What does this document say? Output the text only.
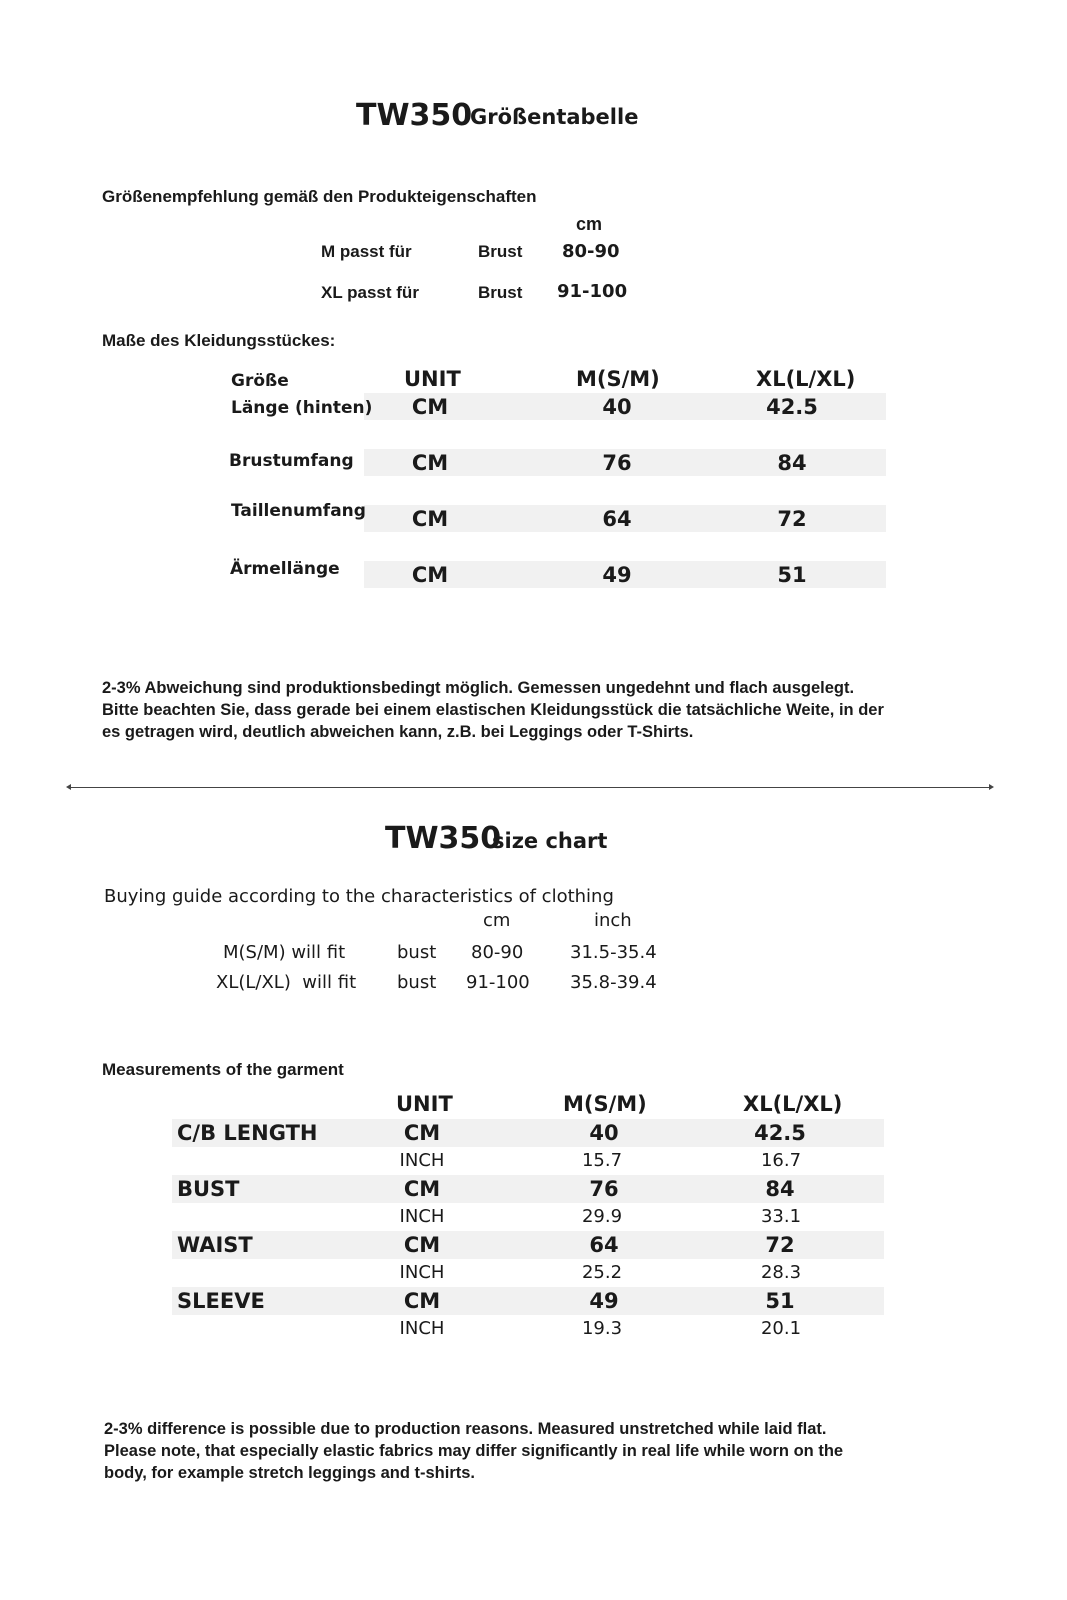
TW350
Größentabelle
Größenempfehlung gemäß den Produkteigenschaften
cm
M passt für	Brust 80-90
XL passt für	Brust 91-100
Maße des Kleidungsstückes:
Größe	UNIT	M(S/M)	XL(L/XL)
Länge (hinten)	CM	40	42.5
Brustumfang	CM	76	84
Taillenumfang	CM	64	72
Ärmellänge	CM	49	51
2-3% Abweichung sind produktionsbedingt möglich. Gemessen ungedehnt und flach ausgelegt.
Bitte beachten Sie, dass gerade bei einem elastischen Kleidungsstück die tatsächliche Weite, in der
es getragen wird, deutlich abweichen kann, z.B. bei Leggings oder T-Shirts.
TW350
size chart
Buying guide according to the characteristics of clothing
cm	inch
M(S/M) will fit	bust 80-90	31.5-35.4
XL(L/XL)  will fit bust 91-100 35.8-39.4
Measurements of the garment
UNIT	M(S/M)	XL(L/XL)
C/B LENGTH	CM	40	42.5
INCH	15.7	16.7
BUST	CM	76	84
INCH	29.9	33.1
WAIST	CM	64	72
INCH	25.2	28.3
SLEEVE	CM	49	51
INCH	19.3	20.1
2-3% difference is possible due to production reasons. Measured unstretched while laid flat.
Please note, that especially elastic fabrics may differ significantly in real life while worn on the
body, for example stretch leggings and t-shirts.
